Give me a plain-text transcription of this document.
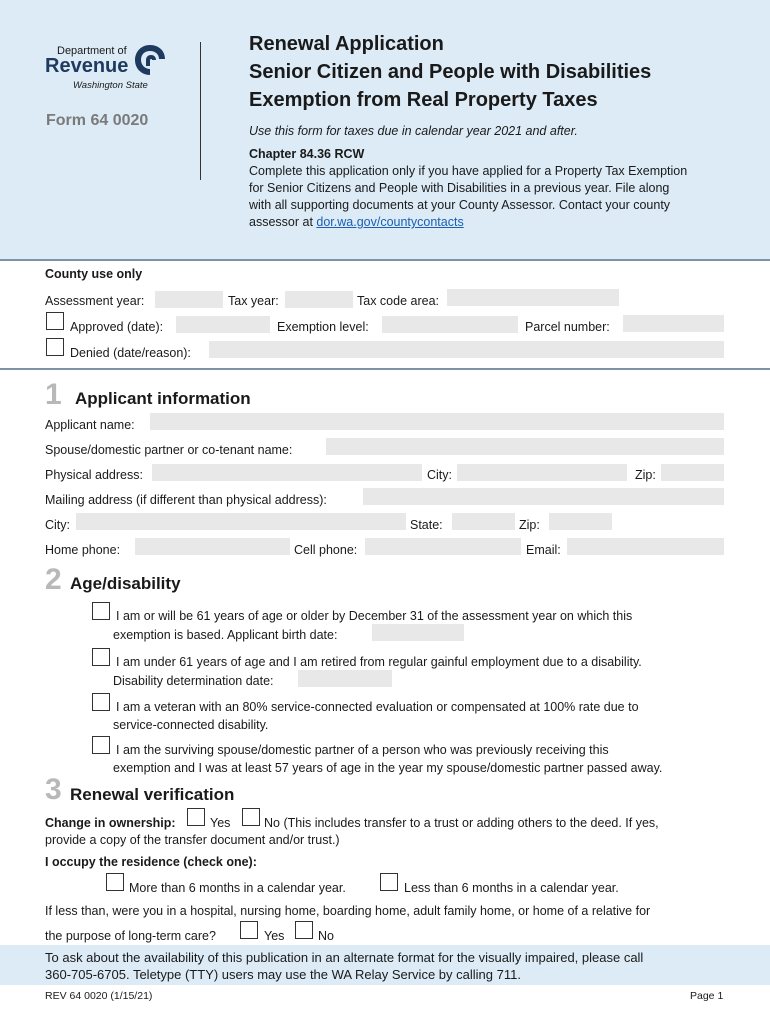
Department of
Revenue
Washington State
Form 64 0020
Renewal Application
Senior Citizen and People with Disabilities
Exemption from Real Property Taxes
Use this form for taxes due in calendar year 2021 and after.
Chapter 84.36 RCW
Complete this application only if you have applied for a Property Tax Exemption
for Senior Citizens and People with Disabilities in a previous year. File along
with all supporting documents at your County Assessor. Contact your county
assessor at dor.wa.gov/countycontacts
County use only
Assessment year:	Tax year:	Tax code area:
Approved (date):	Exemption level:	Parcel number:
Denied (date/reason):
1 Applicant information
Applicant name:
Spouse/domestic partner or co-tenant name:
Physical address:	City:	Zip:
Mailing address (if different than physical address):
City:	State:	Zip:
Home phone:	Cell phone:	Email:
2 Age/disability
I am or will be 61 years of age or older by December 31 of the assessment year on which this
exemption is based. Applicant birth date:
I am under 61 years of age and I am retired from regular gainful employment due to a disability.
Disability determination date:
I am a veteran with an 80% service-connected evaluation or compensated at 100% rate due to
service-connected disability.
I am the surviving spouse/domestic partner of a person who was previously receiving this
exemption and I was at least 57 years of age in the year my spouse/domestic partner passed away.
3 Renewal verification
Change in ownership:	Yes	No (This includes transfer to a trust or adding others to the deed. If yes,
provide a copy of the transfer document and/or trust.)
I occupy the residence (check one):
More than 6 months in a calendar year.	Less than 6 months in a calendar year.
If less than, were you in a hospital, nursing home, boarding home, adult family home, or home of a relative for
the purpose of long-term care?	Yes	No
To ask about the availability of this publication in an alternate format for the visually impaired, please call
360-705-6705. Teletype (TTY) users may use the WA Relay Service by calling 711.
REV 64 0020 (1/15/21)	Page 1
